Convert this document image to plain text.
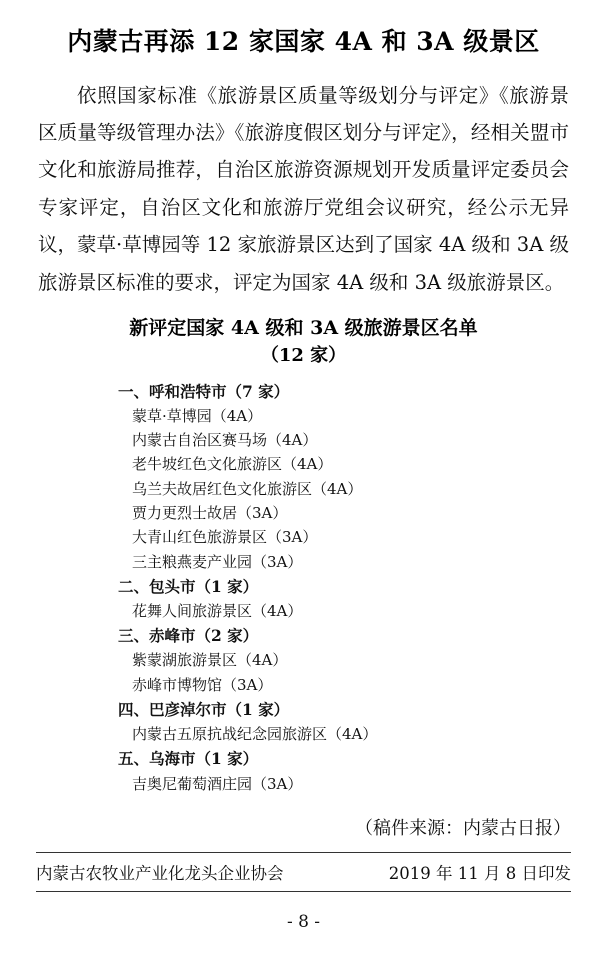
内蒙古再添 12 家国家 4A 和 3A 级景区

依照国家标准《旅游景区质量等级划分与评定》《旅游景区质量等级管理办法》《旅游度假区划分与评定》，经相关盟市文化和旅游局推荐，自治区旅游资源规划开发质量评定委员会专家评定，自治区文化和旅游厅党组会议研究，经公示无异议，蒙草·草博园等 12 家旅游景区达到了国家 4A 级和 3A 级旅游景区标准的要求，评定为国家 4A 级和 3A 级旅游景区。

新评定国家 4A 级和 3A 级旅游景区名单
（12 家）
一、呼和浩特市（7 家）
蒙草·草博园（4A）
内蒙古自治区赛马场（4A）
老牛坡红色文化旅游区（4A）
乌兰夫故居红色文化旅游区（4A）
贾力更烈士故居（3A）
大青山红色旅游景区（3A）
三主粮燕麦产业园（3A）
二、包头市（1 家）
花舞人间旅游景区（4A）
三、赤峰市（2 家）
紫蒙湖旅游景区（4A）
赤峰市博物馆（3A）
四、巴彦淖尔市（1 家）
内蒙古五原抗战纪念园旅游区（4A）
五、乌海市（1 家）
吉奥尼葡萄酒庄园（3A）
（稿件来源：内蒙古日报）
内蒙古农牧业产业化龙头企业协会	2019 年 11 月 8 日印发
- 8 -
